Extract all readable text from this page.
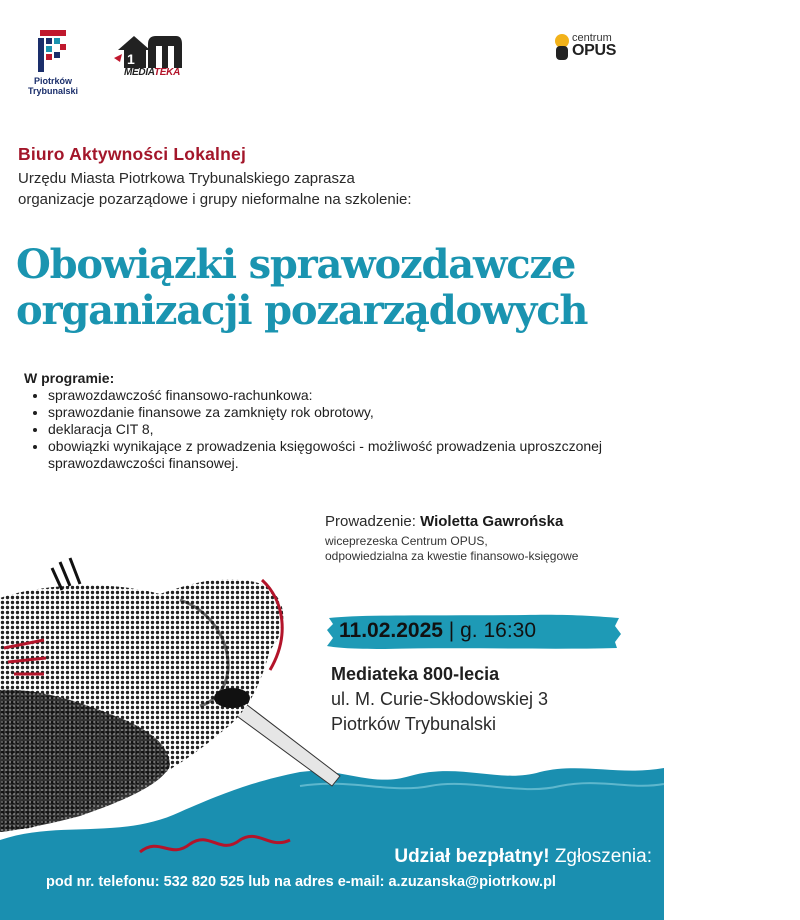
Piotrków
Trybunalski
1
MEDIATEKA
centrum
OPUS
Biuro Aktywności Lokalnej
Urzędu Miasta Piotrkowa Trybunalskiego zaprasza
organizacje pozarządowe i grupy nieformalne na szkolenie:
Obowiązki sprawozdawcze
organizacji pozarządowych
W programie:
• sprawozdawczość finansowo-rachunkowa:
• sprawozdanie finansowe za zamknięty rok obrotowy,
• deklaracja CIT 8,
• obowiązki wynikające z prowadzenia księgowości - możliwość prowadzenia uproszczonej sprawozdawczości finansowej.
Prowadzenie: Wioletta Gawrońska
wiceprezeska Centrum OPUS,
odpowiedzialna za kwestie finansowo-księgowe
11.02.2025 | g. 16:30
Mediateka 800-lecia
ul. M. Curie-Skłodowskiej 3
Piotrków Trybunalski
Udział bezpłatny! Zgłoszenia:
pod nr. telefonu: 532 820 525 lub na adres e-mail: a.zuzanska@piotrkow.pl
